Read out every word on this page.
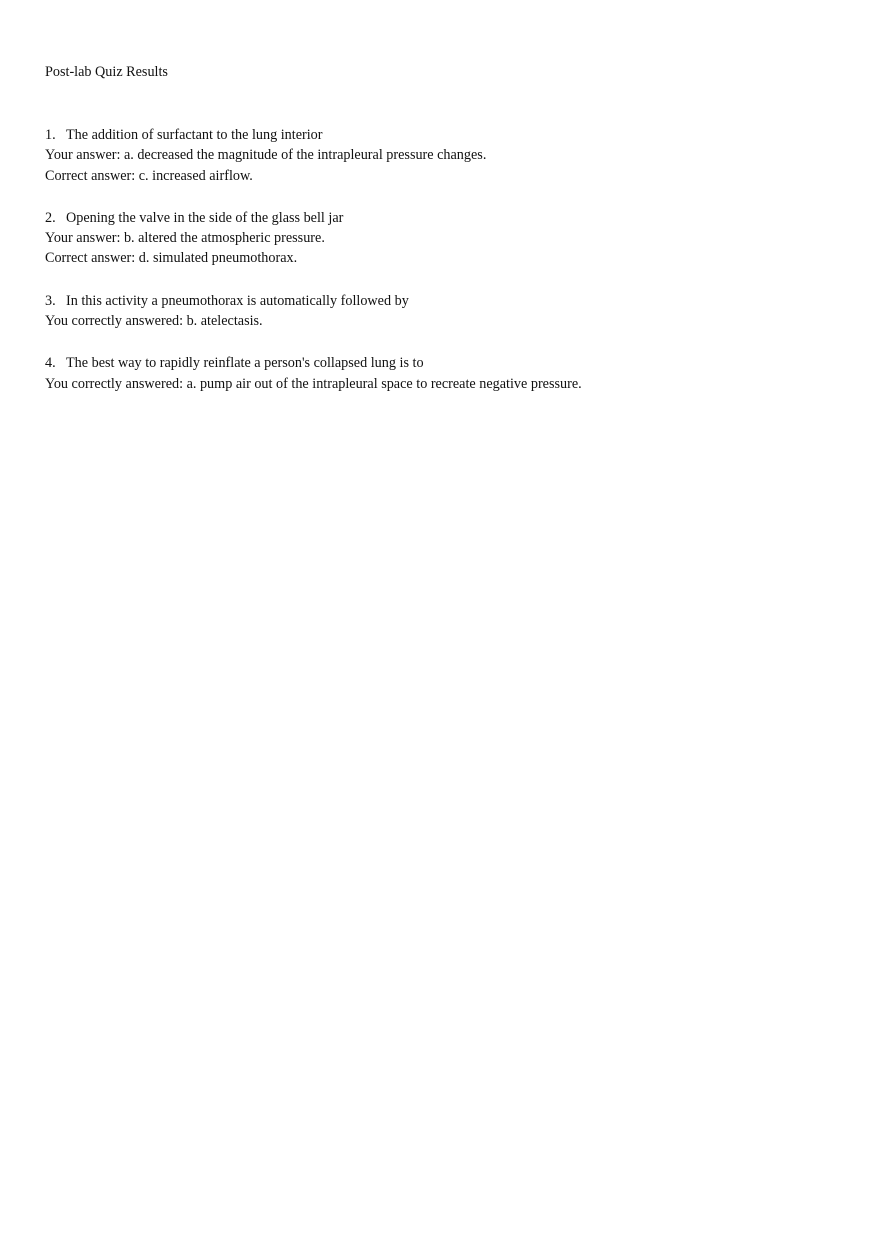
Post-lab Quiz Results
1. The addition of surfactant to the lung interior
Your answer: a. decreased the magnitude of the intrapleural pressure changes.
Correct answer: c. increased airflow.
2. Opening the valve in the side of the glass bell jar
Your answer: b. altered the atmospheric pressure.
Correct answer: d. simulated pneumothorax.
3. In this activity a pneumothorax is automatically followed by
You correctly answered: b. atelectasis.
4. The best way to rapidly reinflate a person's collapsed lung is to
You correctly answered: a. pump air out of the intrapleural space to recreate negative pressure.
